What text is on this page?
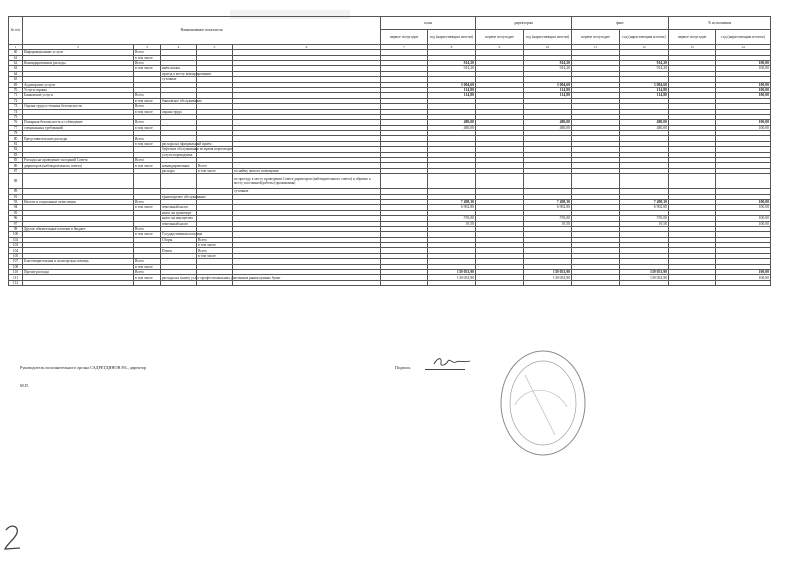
№ п/п	Наименование показателя					план		директорам		факт		% исполнения	
						первое полугодие	год (нарастающим итогом)	первое полугодие	год (нарастающим итогом)	первое полугодие	год (нарастающим итогом)	первое полугодие	год (нарастающим итогом)
1	2	3	4	5	6	7	8	9	10	11	12	13	14
60	Информационные услуги	Всего											
61		в том числе											
62	Командировочные расходы	Всего					914,20		914,20		914,20		100,00
63		в том числе	наём жилья				914,20		914,20		914,20		100,00
64			проезд к месту командирования										
65			суточные										
69	Аудиторские услуги						3 004,60		3 004,60		3 004,60		100,00
70	Услуги охраны						114,80		114,80		114,80		100,00
71	Банковские услуги	Всего					114,80		114,80		114,80		100,00
72		в том числе	банковское обслуживание										
73	Охрана труда и техника безопасности	Всего											
74		в том числе	охрана труда										
75													
76	Пожарная безопасность и соблюдение	Всего					480,00		480,00		480,00		100,00
77	специальных требований	в том числе					480,00		480,00		480,00		100,00
78													
80	Представительские расходы	Всего											
81		в том числе	расходы на официальный прием										
82			буфетное обслуживание во время переговоров										
83			услуги переводчика										
85	Расходы на проведение заседаний Совета	Всего											
86	директоров (наблюдательного совета)	в том числе	командировочные	Всего									
87			расходы	в том числе	по найму жилого помещения								
88					по проезду к месту проведения Совета директоров (наблюдательного совета) и обратно к месту постоянной работы (проживания)								
89					суточные								
91			транспортное обслуживание										
93	Налоги и социальные отчисления	Всего					7 498,30		7 498,30		7 498,30		100,00
94		в том числе	земельный налог				6 902,80		6 902,80		6 902,80		100,00
95			налог на транспорт										
96			налог на имущество				576,00		576,00		576,00		100,00
97			земельный налог				19,50		19,50		19,50		100,00
98	Другие обязательные платежи в бюджет	Всего											
100		в том числе	Государственная пошлина										
102			Сборы	Всего									
103				в том числе									
104			Платы	Всего									
105				в том числе									
107	Благотворительная и спонсорская помощь	Всего											
108		в том числе											
110	Прочие расходы	Всего					139 053,90		139 053,90		139 053,90		100,00
111		в том числе	расходы на оплату услуг профессиональных участников рынка ценных бумаг				139 053,90		139 053,90		139 053,90		100,00
112													
Руководитель исполнительного органа САДРЕТДИНОВ Р.Б., директор	Подпись
М.П.
